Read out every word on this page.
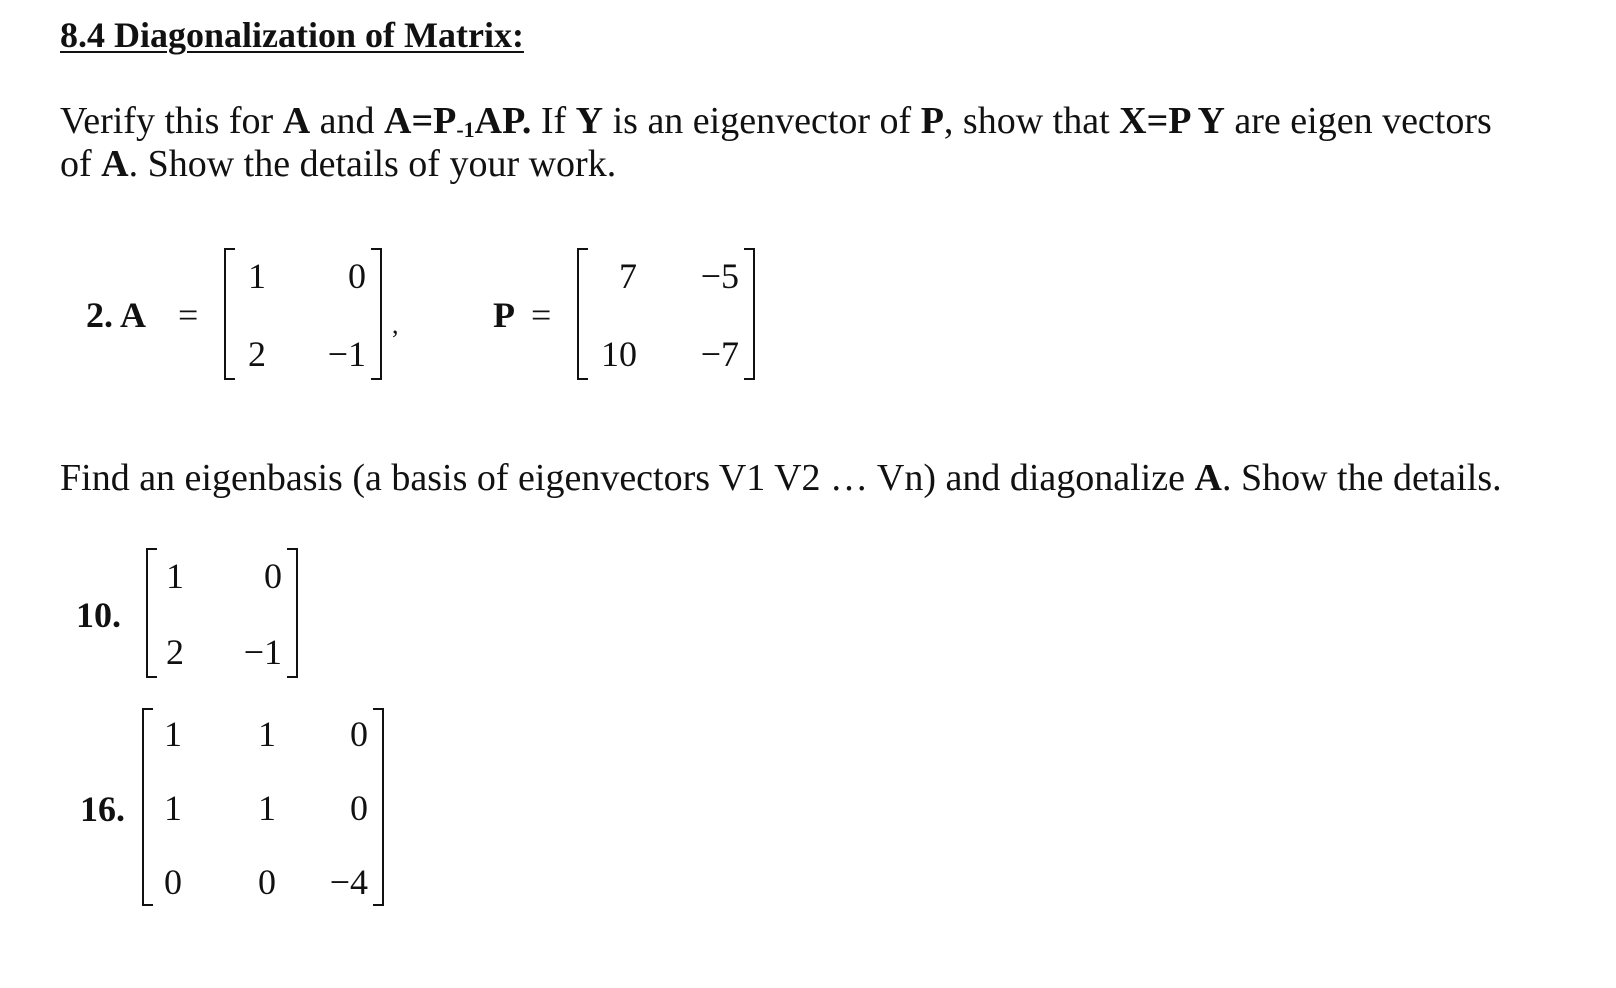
8.4 Diagonalization of Matrix:
Verify this for A and $A=P_{-1}AP$. If Y is an eigenvector of P, show that X=P Y are eigen vectors
of A. Show the details of your work.
2. A =
1 0
2 −1
,	P =
7 −5
10 −7
Find an eigenbasis (a basis of eigenvectors V1 V2 … Vn) and diagonalize A. Show the details.
10.
1 0
2 −1
16.
1 1 0
1 1 0
0 0 −4
